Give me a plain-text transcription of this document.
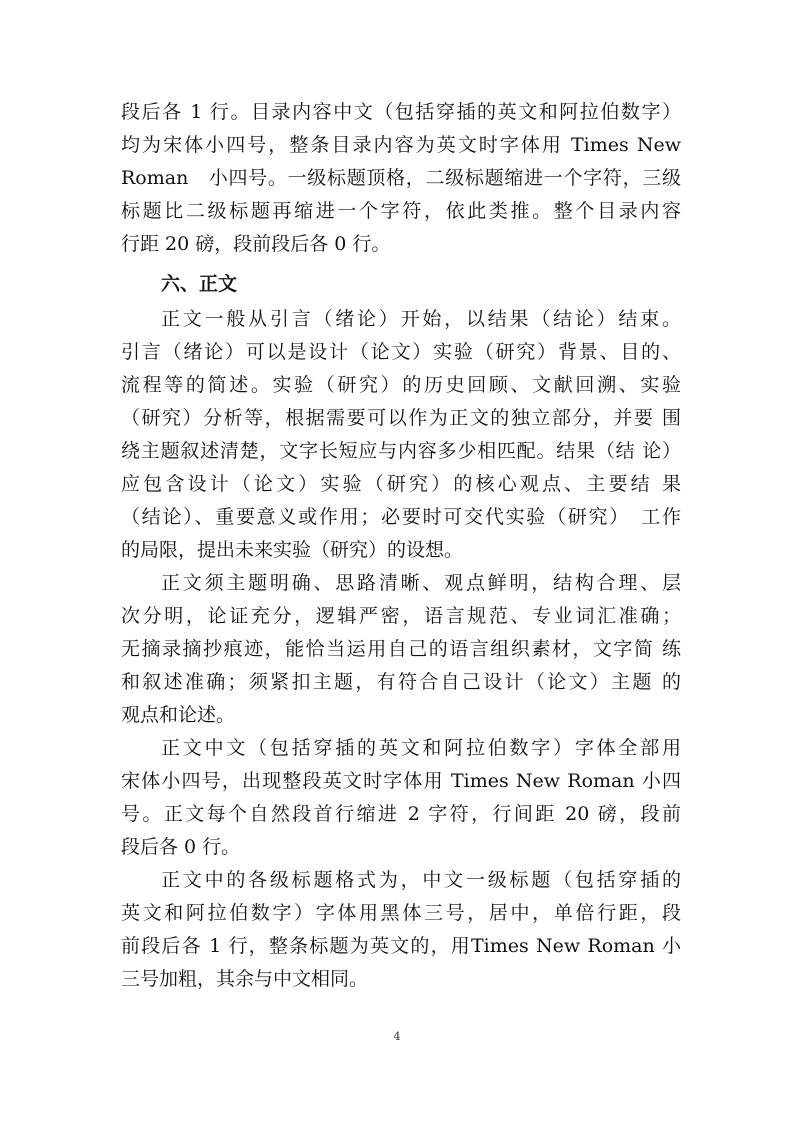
段后各 1 行。目录内容中文（包括穿插的英文和阿拉伯数字）
均为宋体小四号，整条目录内容为英文时字体用 Times New
Roman　小四号。一级标题顶格，二级标题缩进一个字符，三级
标题比二级标题再缩进一个字符，依此类推。整个目录内容
行距 20 磅，段前段后各 0 行。
六、正文
正文一般从引言（绪论）开始，以结果（结论）结束。
引言（绪论）可以是设计（论文）实验（研究）背景、目的、
流程等的简述。实验（研究）的历史回顾、文献回溯、实验
（研究）分析等，根据需要可以作为正文的独立部分，并要 围
绕主题叙述清楚，文字长短应与内容多少相匹配。结果（结 论）
应包含设计（论文）实验（研究）的核心观点、主要结 果
（结论）、重要意义或作用；必要时可交代实验（研究）　工作
的局限，提出未来实验（研究）的设想。
正文须主题明确、思路清晰、观点鲜明，结构合理、层
次分明，论证充分，逻辑严密，语言规范、专业词汇准确；
无摘录摘抄痕迹，能恰当运用自己的语言组织素材，文字简 练
和叙述准确；须紧扣主题，有符合自己设计（论文）主题 的
观点和论述。
正文中文（包括穿插的英文和阿拉伯数字）字体全部用
宋体小四号，出现整段英文时字体用 Times New Roman 小四
号。正文每个自然段首行缩进 2 字符，行间距 20 磅，段前
段后各 0 行。
正文中的各级标题格式为，中文一级标题（包括穿插的
英文和阿拉伯数字）字体用黑体三号，居中，单倍行距，段
前段后各 1 行，整条标题为英文的，用Times New Roman 小
三号加粗，其余与中文相同。
4
